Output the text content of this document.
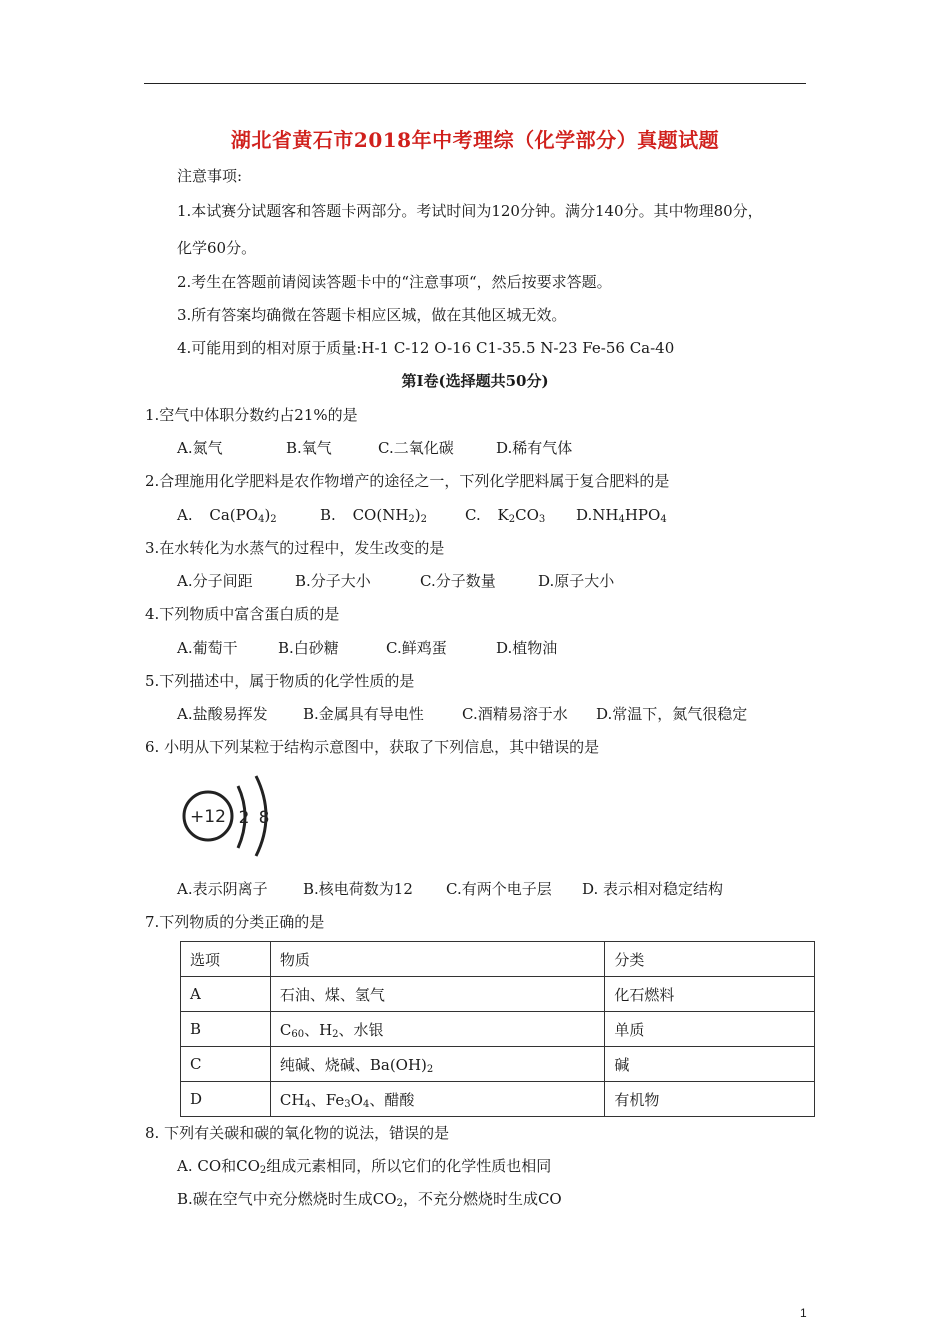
湖北省黄石市2018年中考理综（化学部分）真题试题
注意事项:
1.本试赛分试题客和答题卡两部分。考试时间为120分钟。满分140分。其中物理80分，
化学60分。
2.考生在答题前请阅读答题卡中的“注意事项“，然后按要求答题。
3.所有答案均确微在答题卡相应区城，做在其他区城无效。
4.可能用到的相对原于质量:H-1 C-12 O-16 C1-35.5 N-23 Fe-56 Ca-40
第Ⅰ卷(选择题共50分)
1.空气中体职分数约占21%的是
A.氮气	B.氧气	C.二氧化碳	D.稀有气体
2.合理施用化学肥料是农作物增产的途径之一，下列化学肥料属于复合肥料的是
A. $Ca(PO_4)_2$	B. $CO(NH_2)_2$	C. $K_2CO_3$ $D.NH_4HPO_4$
3.在水转化为水蒸气的过程中，发生改变的是
A.分子间距	B.分子大小	C.分子数量	D.原子大小
4.下列物质中富含蛋白质的是
A.葡萄干	B.白砂糖	C.鲜鸡蛋	D.植物油
5.下列描述中，属于物质的化学性质的是
A.盐酸易挥发 B.金属具有导电性	C.酒精易溶于水 D.常温下，氮气很稳定
6. 小明从下列某粒于结构示意图中，获取了下列信息，其中错误的是
+12 2 8
A.表示阴离子 B.核电荷数为12 C.有两个电子层 D. 表示相对稳定结构
7.下列物质的分类正确的是
选项	物质	分类
A	石油、煤、氢气	化石燃料
B	$C_{60}$、$H_2$、水银	单质
C	纯碱、烧碱、$Ba(OH)_2$	碱
D	$CH_4$、$Fe_3O_4$、醋酸	有机物
8. 下列有关碳和碳的氧化物的说法，错误的是
A. CO和$CO_2$组成元素相同，所以它们的化学性质也相同
B.碳在空气中充分燃烧时生成$CO_2$，不充分燃烧时生成CO
1
